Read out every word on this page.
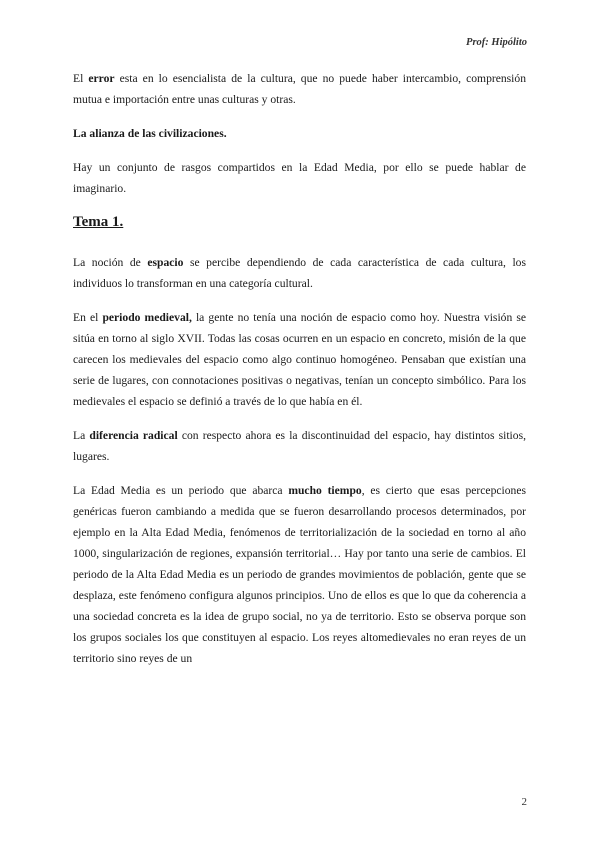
Prof: Hipólito

El error esta en lo esencialista de la cultura, que no puede haber intercambio, comprensión mutua e importación entre unas culturas y otras.

La alianza de las civilizaciones.

Hay un conjunto de rasgos compartidos en la Edad Media, por ello se puede hablar de imaginario.

Tema 1.

La noción de espacio se percibe dependiendo de cada característica de cada cultura, los individuos lo transforman en una categoría cultural.

En el periodo medieval, la gente no tenía una noción de espacio como hoy. Nuestra visión se sitúa en torno al siglo XVII. Todas las cosas ocurren en un espacio en concreto, misión de la que carecen los medievales del espacio como algo continuo homogéneo. Pensaban que existían una serie de lugares, con connotaciones positivas o negativas, tenían un concepto simbólico. Para los medievales el espacio se definió a través de lo que había en él.

La diferencia radical con respecto ahora es la discontinuidad del espacio, hay distintos sitios, lugares.

La Edad Media es un periodo que abarca mucho tiempo, es cierto que esas percepciones genéricas fueron cambiando a medida que se fueron desarrollando procesos determinados, por ejemplo en la Alta Edad Media, fenómenos de territorialización de la sociedad en torno al año 1000, singularización de regiones, expansión territorial… Hay por tanto una serie de cambios. El periodo de la Alta Edad Media es un periodo de grandes movimientos de población, gente que se desplaza, este fenómeno configura algunos principios. Uno de ellos es que lo que da coherencia a una sociedad concreta es la idea de grupo social, no ya de territorio. Esto se observa porque son los grupos sociales los que constituyen al espacio. Los reyes altomedievales no eran reyes de un territorio sino reyes de un

2
